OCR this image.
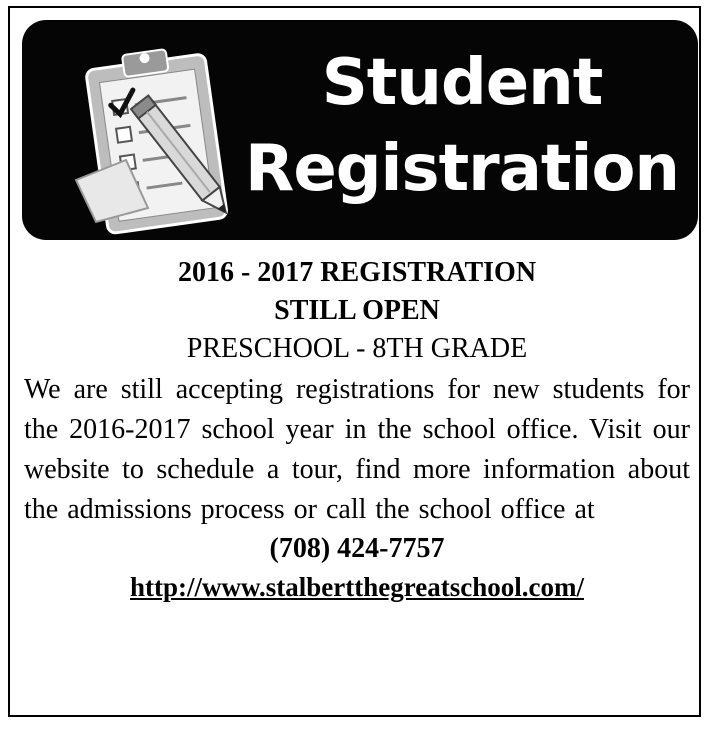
Student
Registration

2016 - 2017 REGISTRATION

STILL OPEN

PRESCHOOL - 8TH GRADE

We are still accepting registrations for new students for the 2016-2017 school year in the school office. Visit our website to schedule a tour, find more information about the admissions process or call the school office at

(708) 424-7757

http://www.stalbertthegreatschool.com/
